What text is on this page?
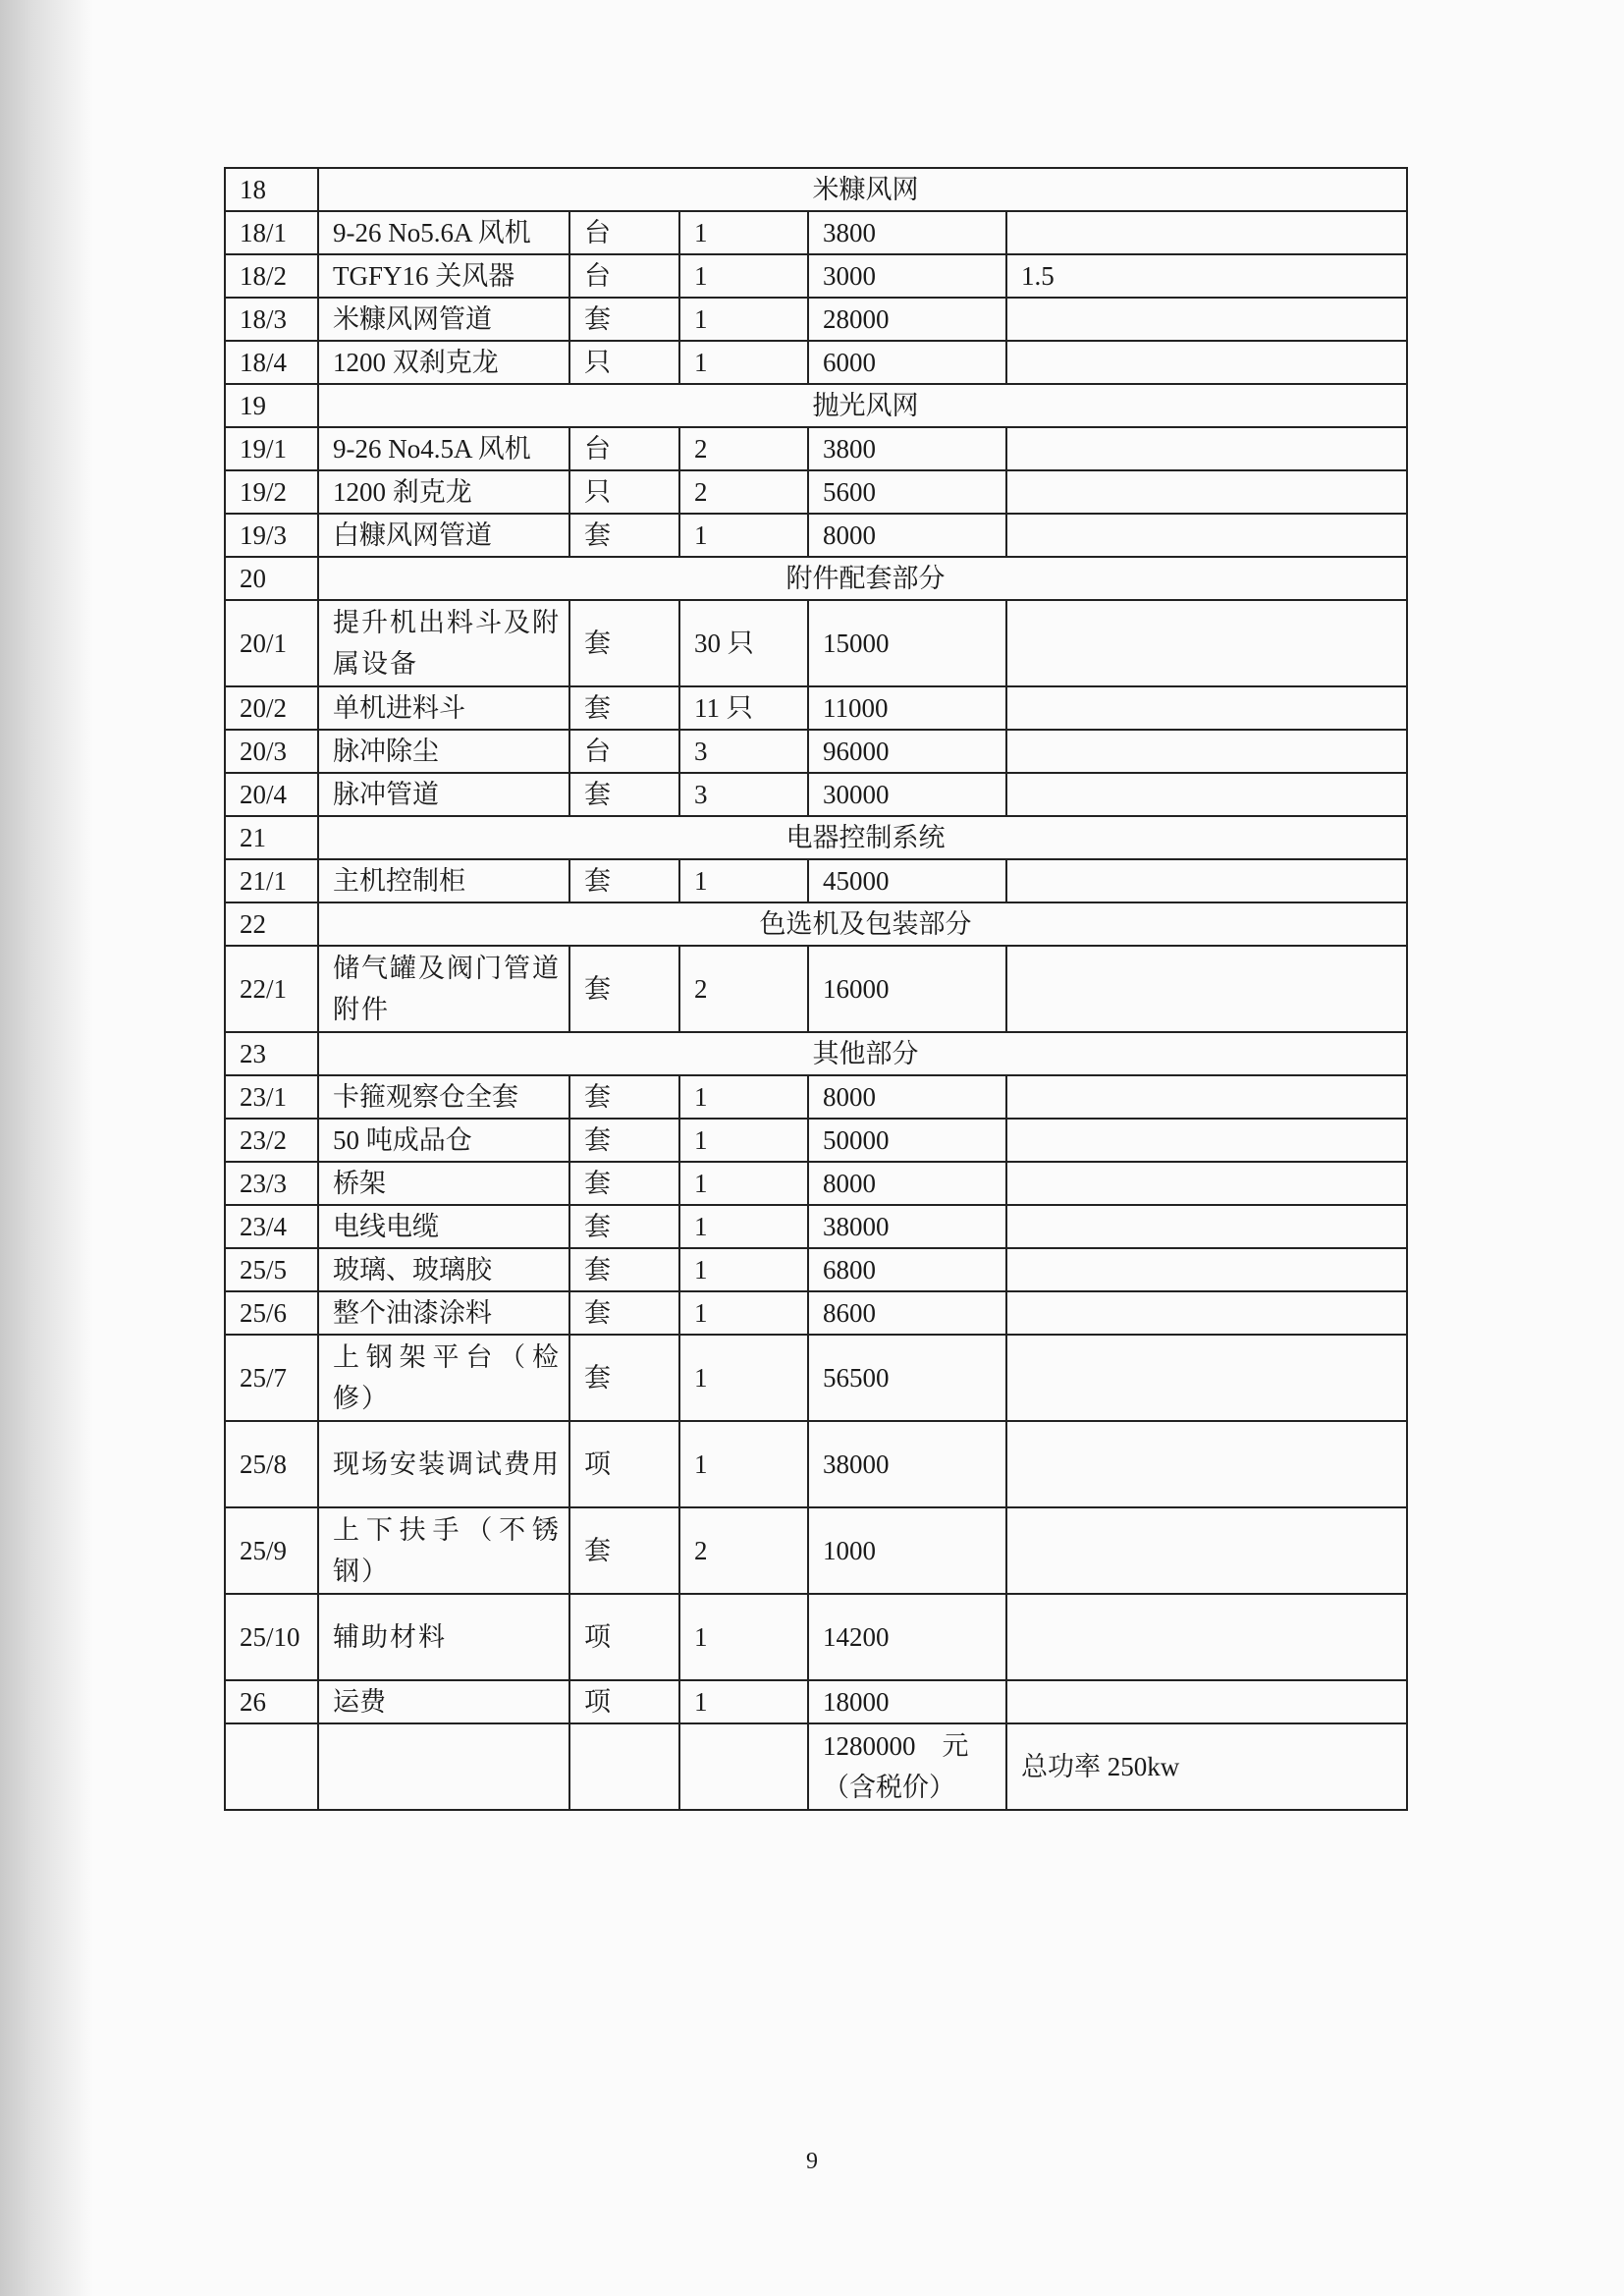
18	米糠风网				
18/1	9-26 No5.6A 风机	台	1	3800	
18/2	TGFY16 关风器	台	1	3000	1.5
18/3	米糠风网管道	套	1	28000	
18/4	1200 双刹克龙	只	1	6000	
19	抛光风网				
19/1	9-26 No4.5A 风机	台	2	3800	
19/2	1200 刹克龙	只	2	5600	
19/3	白糠风网管道	套	1	8000	
20	附件配套部分				
20/1	提升机出料斗及附属设备	套	30 只	15000	
20/2	单机进料斗	套	11 只	11000	
20/3	脉冲除尘	台	3	96000	
20/4	脉冲管道	套	3	30000	
21	电器控制系统				
21/1	主机控制柜	套	1	45000	
22	色选机及包装部分				
22/1	储气罐及阀门管道附件	套	2	16000	
23	其他部分				
23/1	卡箍观察仓全套	套	1	8000	
23/2	50 吨成品仓	套	1	50000	
23/3	桥架	套	1	8000	
23/4	电线电缆	套	1	38000	
25/5	玻璃、玻璃胶	套	1	6800	
25/6	整个油漆涂料	套	1	8600	
25/7	上钢架平台（检修）	套	1	56500	
25/8	现场安装调试费用	项	1	38000	
25/9	上下扶手（不锈钢）	套	2	1000	
25/10	辅助材料	项	1	14200	
26	运费	项	1	18000	
				1280000　元（含税价）	总功率 250kw
9
